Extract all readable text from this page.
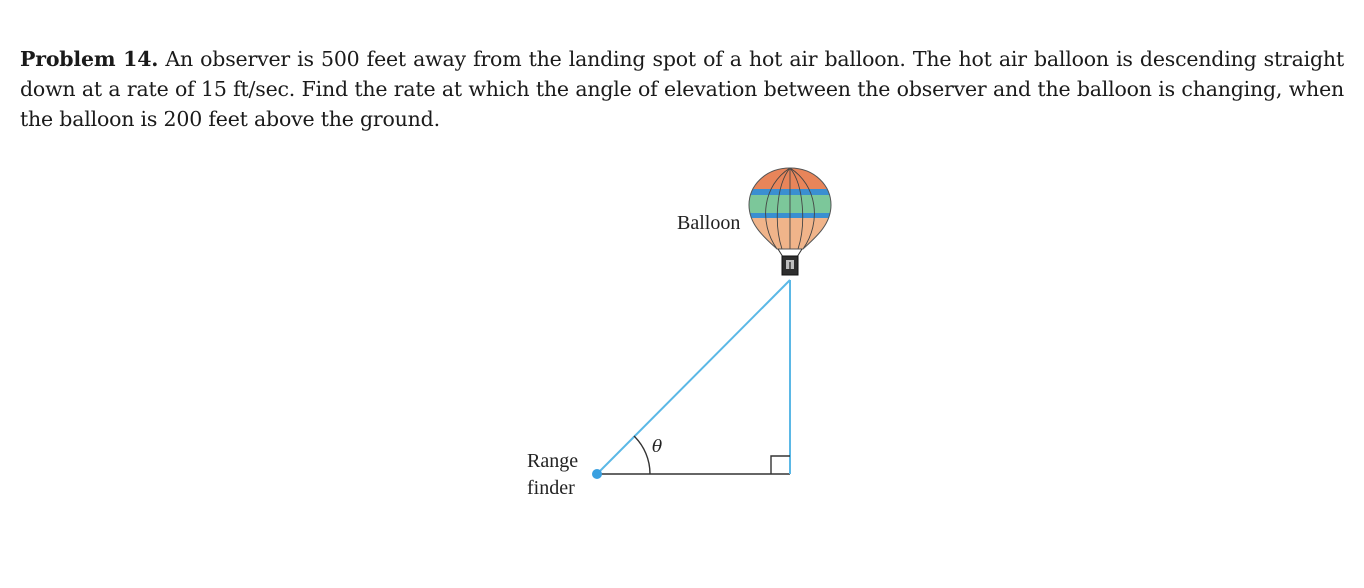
Problem 14. An observer is 500 feet away from the landing spot of a hot air balloon. The hot air balloon is descending straight down at a rate of 15 ft/sec. Find the rate at which the angle of elevation between the observer and the balloon is changing, when the balloon is 200 feet above the ground.
Balloon
Range
finder
θ
